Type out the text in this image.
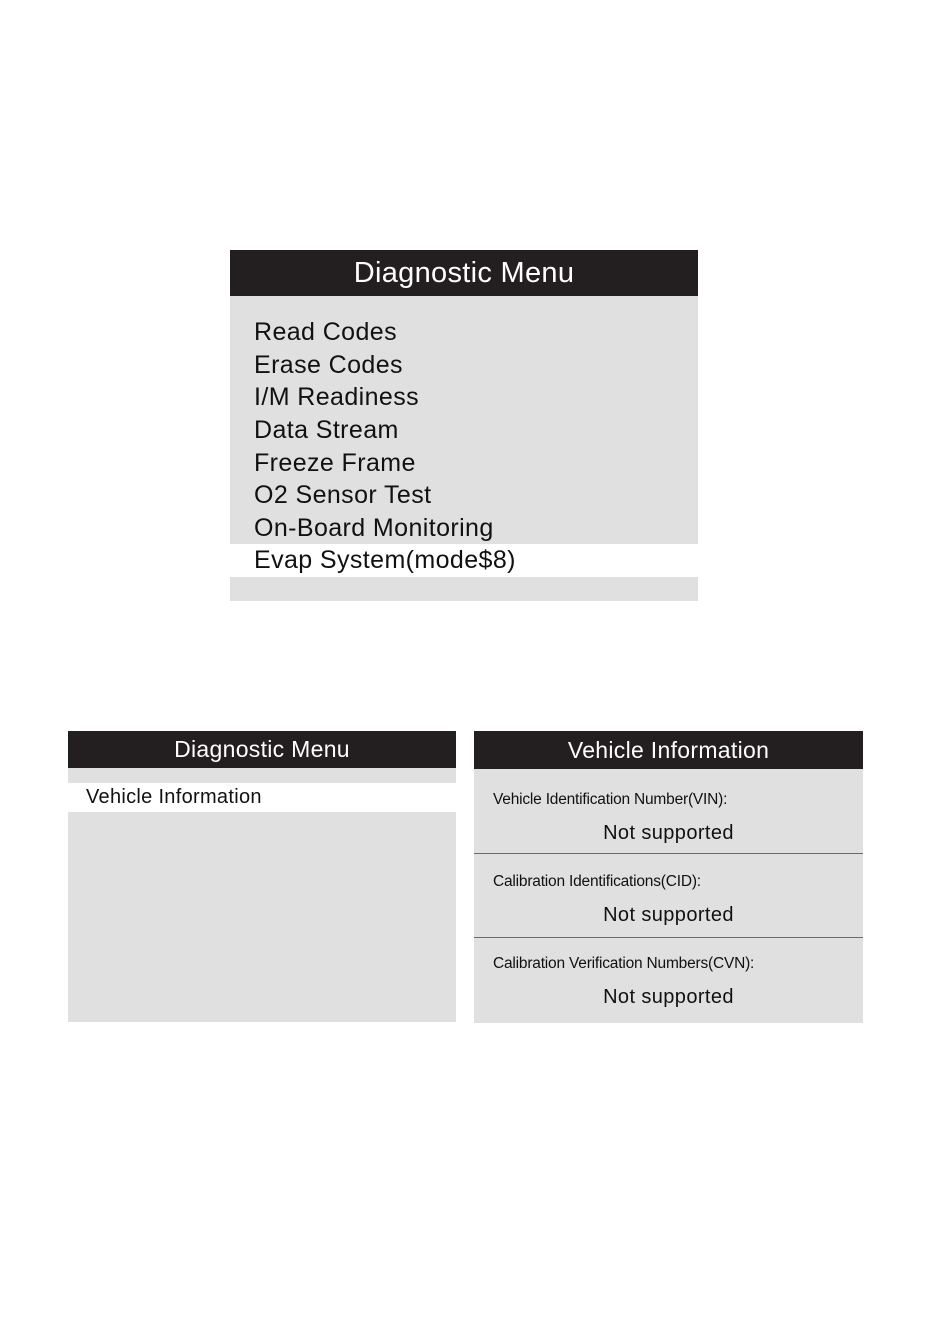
Diagnostic Menu
Read Codes
Erase Codes
I/M Readiness
Data Stream
Freeze Frame
O2 Sensor Test
On-Board Monitoring
Evap System(mode$8)
Diagnostic Menu
Vehicle Information
Vehicle Information
Vehicle Identification Number(VIN):
Not supported
Calibration Identifications(CID):
Not supported
Calibration Verification Numbers(CVN):
Not supported
